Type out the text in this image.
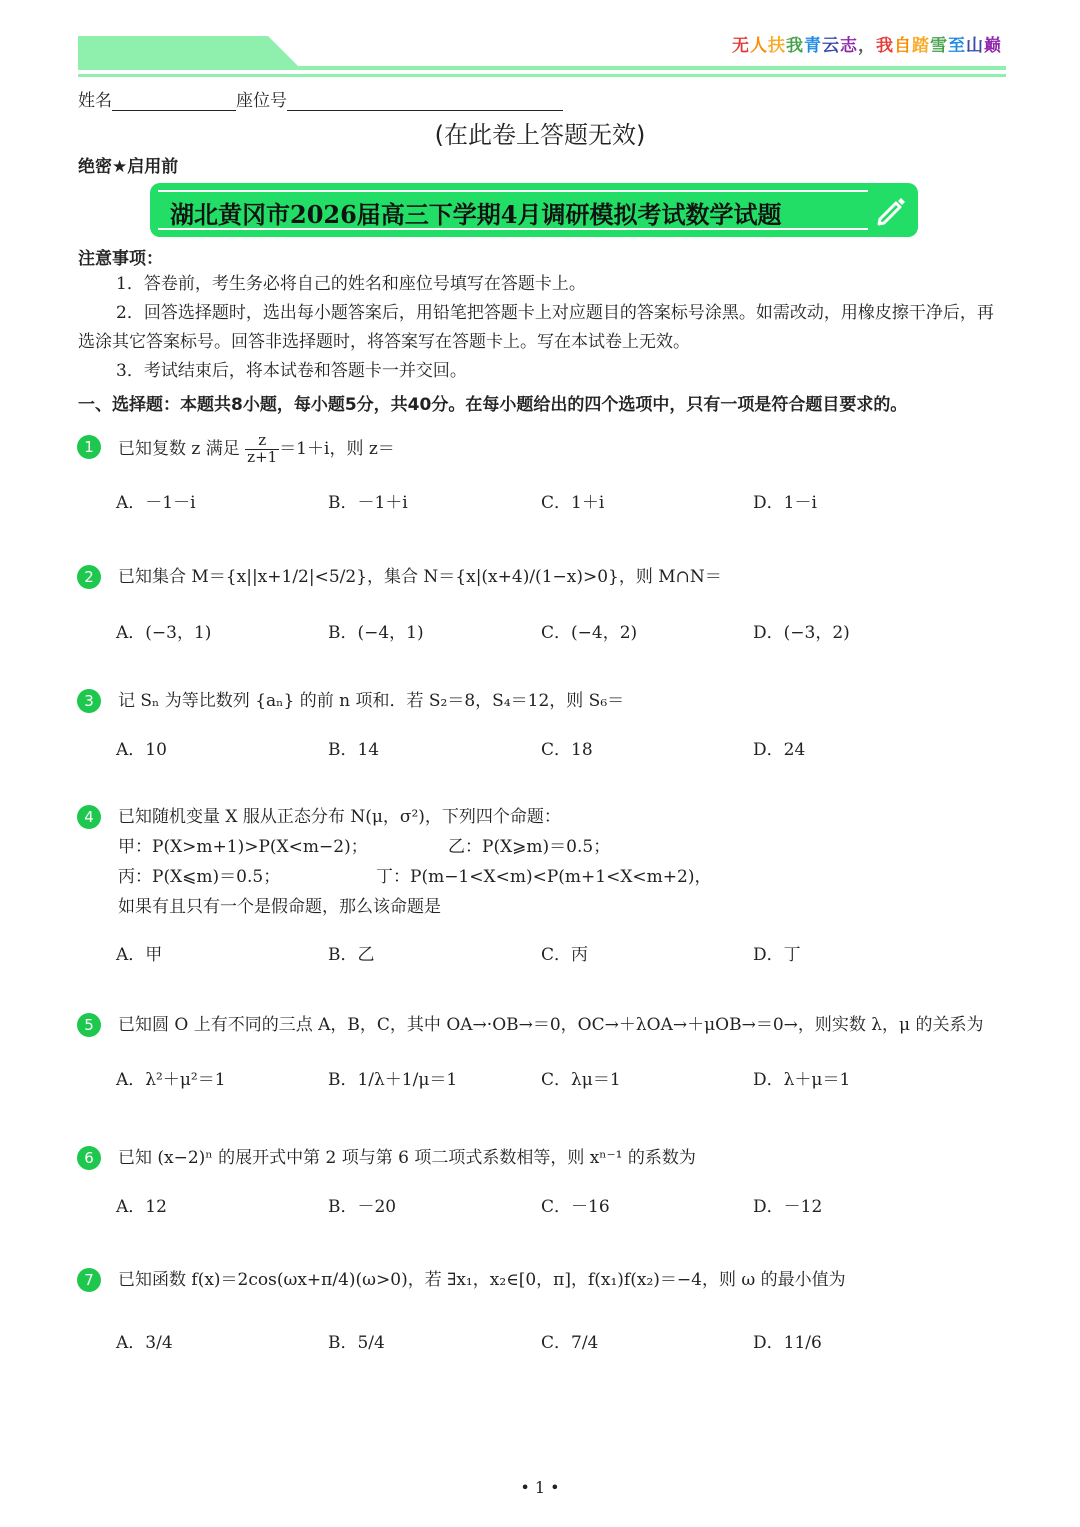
无人扶我青云志，我自踏雪至山巅
姓名	座位号
(在此卷上答题无效)
绝密★启用前
湖北黄冈市2026届高三下学期4月调研模拟考试数学试题
注意事项：
1．答卷前，考生务必将自己的姓名和座位号填写在答题卡上。
2．回答选择题时，选出每小题答案后，用铅笔把答题卡上对应题目的答案标号涂黑。如需改动，用橡皮擦干净后，再选涂其它答案标号。回答非选择题时，将答案写在答题卡上。写在本试卷上无效。
3．考试结束后，将本试卷和答题卡一并交回。
一、选择题：本题共8小题，每小题5分，共40分。在每小题给出的四个选项中，只有一项是符合题目要求的。
1	已知复数 z 满足 $\frac{z}{z+1} =1+i$，则 z＝
A．－1－i	B．－1＋i	C．1＋i	D．1－i
2	已知集合 M＝{x||x+1/2|<5/2}，集合 N＝{x|(x+4)/(1−x)>0}，则 M∩N＝
A．(−3，1)	B．(−4，1)	C．(−4，2)	D．(−3，2)
3	记 Sₙ 为等比数列 {aₙ} 的前 n 项和．若 S₂＝8，S₄＝12，则 S₆＝
A．10	B．14	C．18	D．24
4	已知随机变量 X 服从正态分布 N(μ，σ²)，下列四个命题：
甲：P(X>m+1)>P(X<m−2)；	乙：P(X⩾m)＝0.5；
丙：P(X⩽m)＝0.5；	丁：P(m−1<X<m)<P(m+1<X<m+2)，
如果有且只有一个是假命题，那么该命题是
A．甲	B．乙	C．丙	D．丁
5	已知圆 O 上有不同的三点 A，B，C，其中 OA→·OB→＝0，OC→＋λOA→＋μOB→＝0→，则实数 λ，μ 的关系为
A．λ²＋μ²＝1	B．1/λ＋1/μ＝1	C．λμ＝1	D．λ＋μ＝1
6	已知 (x−2)ⁿ 的展开式中第 2 项与第 6 项二项式系数相等，则 xⁿ⁻¹ 的系数为
A．12	B．－20	C．－16	D．－12
7	已知函数 f(x)＝2cos(ωx+π/4)(ω>0)，若 ∃x₁，x₂∈[0，π]，f(x₁)f(x₂)＝−4，则 ω 的最小值为
A．3/4	B．5/4	C．7/4	D．11/6
• 1 •
